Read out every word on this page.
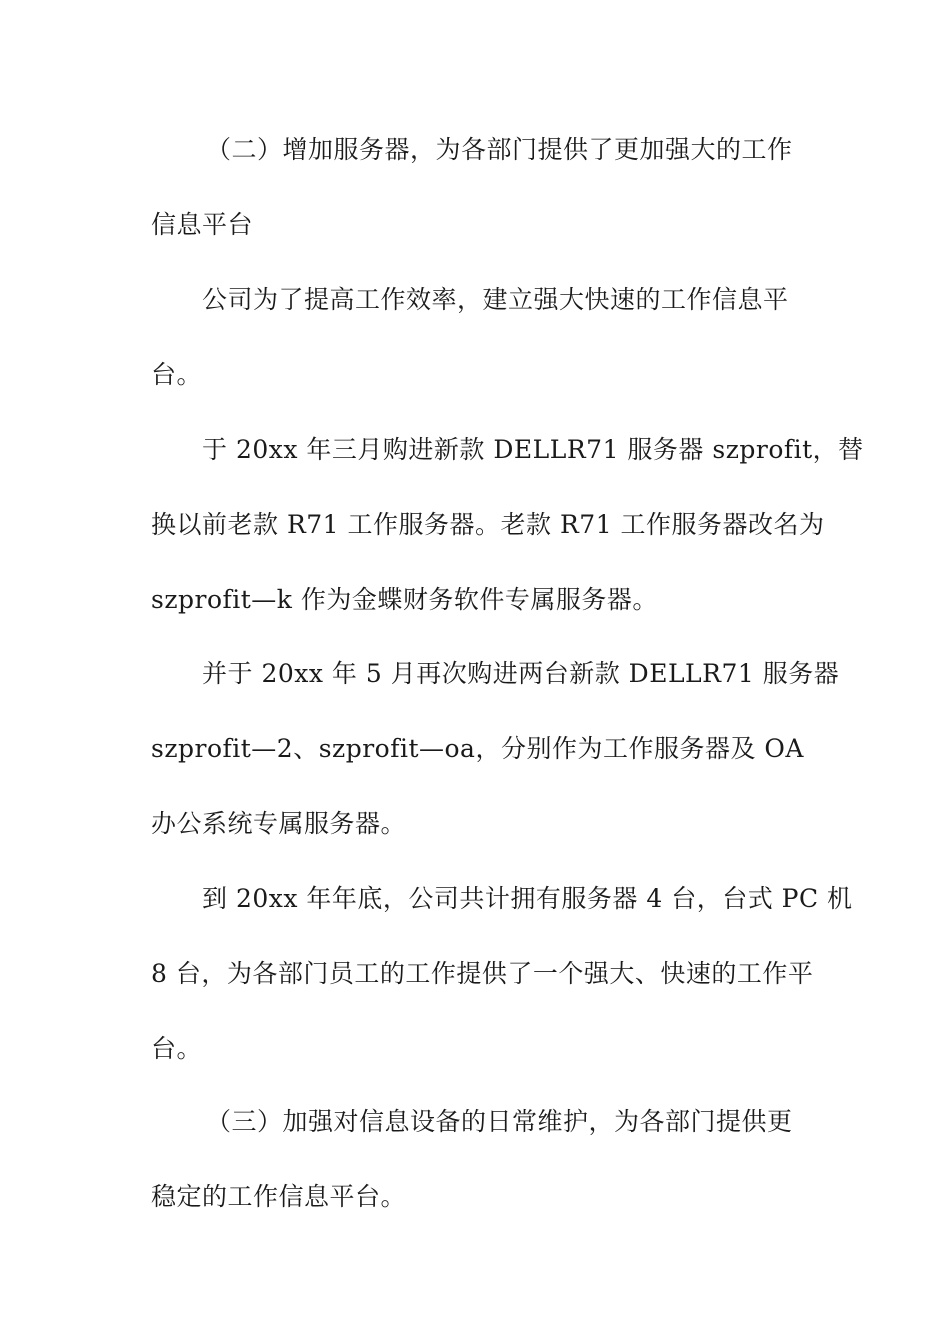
（二）增加服务器，为各部门提供了更加强大的工作
信息平台
公司为了提高工作效率，建立强大快速的工作信息平
台。
于 20xx 年三月购进新款 DELLR71 服务器 szprofit，替
换以前老款 R71 工作服务器。老款 R71 工作服务器改名为
szprofit—k 作为金蝶财务软件专属服务器。
并于 20xx 年 5 月再次购进两台新款 DELLR71 服务器
szprofit—2、szprofit—oa，分别作为工作服务器及 OA
办公系统专属服务器。
到 20xx 年年底，公司共计拥有服务器 4 台，台式 PC 机
8 台，为各部门员工的工作提供了一个强大、快速的工作平
台。
（三）加强对信息设备的日常维护，为各部门提供更
稳定的工作信息平台。
